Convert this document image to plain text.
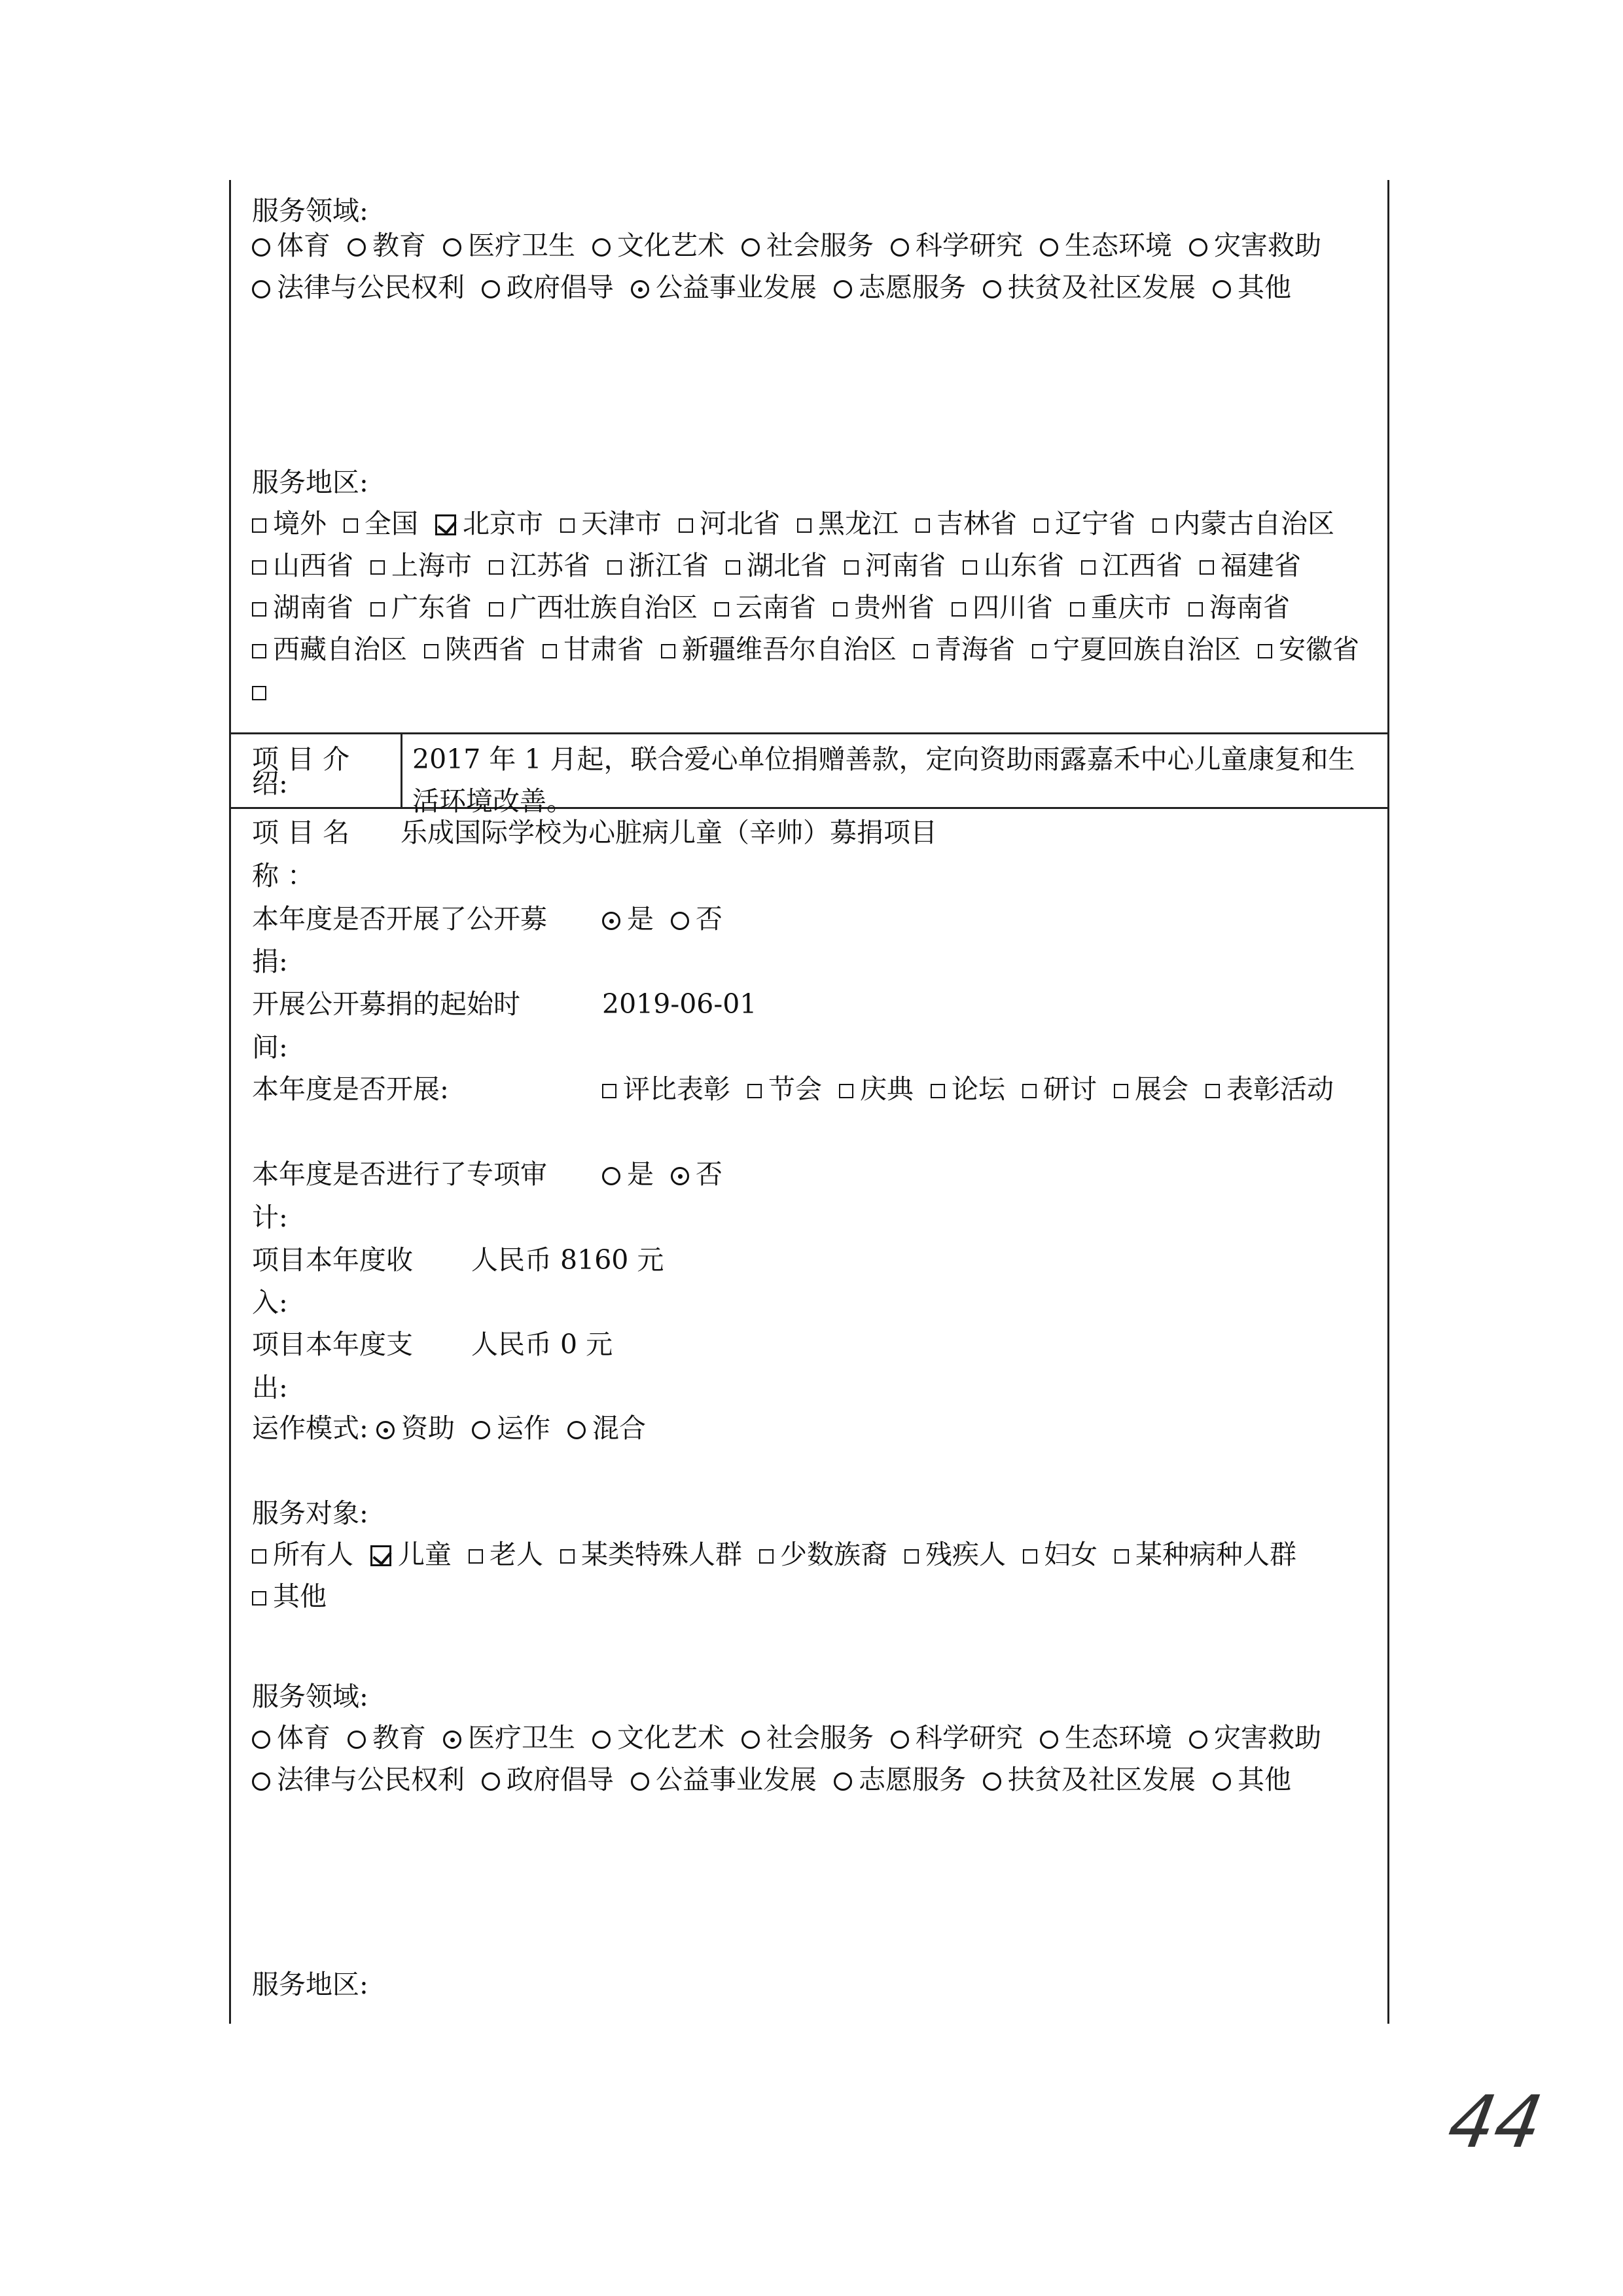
服务领域:
体育 教育 医疗卫生 文化艺术 社会服务 科学研究 生态环境 灾害救助法律与公民权利 政府倡导 公益事业发展 志愿服务 扶贫及社区发展 其他
服务地区:
境外 全国 北京市 天津市 河北省 黑龙江 吉林省 辽宁省 内蒙古自治区山西省 上海市 江苏省 浙江省 湖北省 河南省 山东省 江西省 福建省湖南省 广东省 广西壮族自治区 云南省 贵州省 四川省 重庆市 海南省西藏自治区 陕西省 甘肃省 新疆维吾尔自治区 青海省 宁夏回族自治区 安徽省
项 目 介
绍:
2017 年 1 月起，联合爱心单位捐赠善款，定向资助雨露嘉禾中心儿童康复和生活环境改善。
项 目 名
称 ：
乐成国际学校为心脏病儿童（辛帅）募捐项目
本年度是否开展了公开募
捐:
是 否
开展公开募捐的起始时
间:
2019-06-01
本年度是否开展:	评比表彰 节会 庆典 论坛 研讨 展会 表彰活动
本年度是否进行了专项审
计:
是 否
项目本年度收
入:
人民币 8160 元
项目本年度支
出:
人民币 0 元
运作模式:	资助 运作 混合
服务对象:
所有人 儿童 老人 某类特殊人群 少数族裔 残疾人 妇女 某种病种人群其他
服务领域:
体育 教育 医疗卫生 文化艺术 社会服务 科学研究 生态环境 灾害救助法律与公民权利 政府倡导 公益事业发展 志愿服务 扶贫及社区发展 其他
服务地区:
44
